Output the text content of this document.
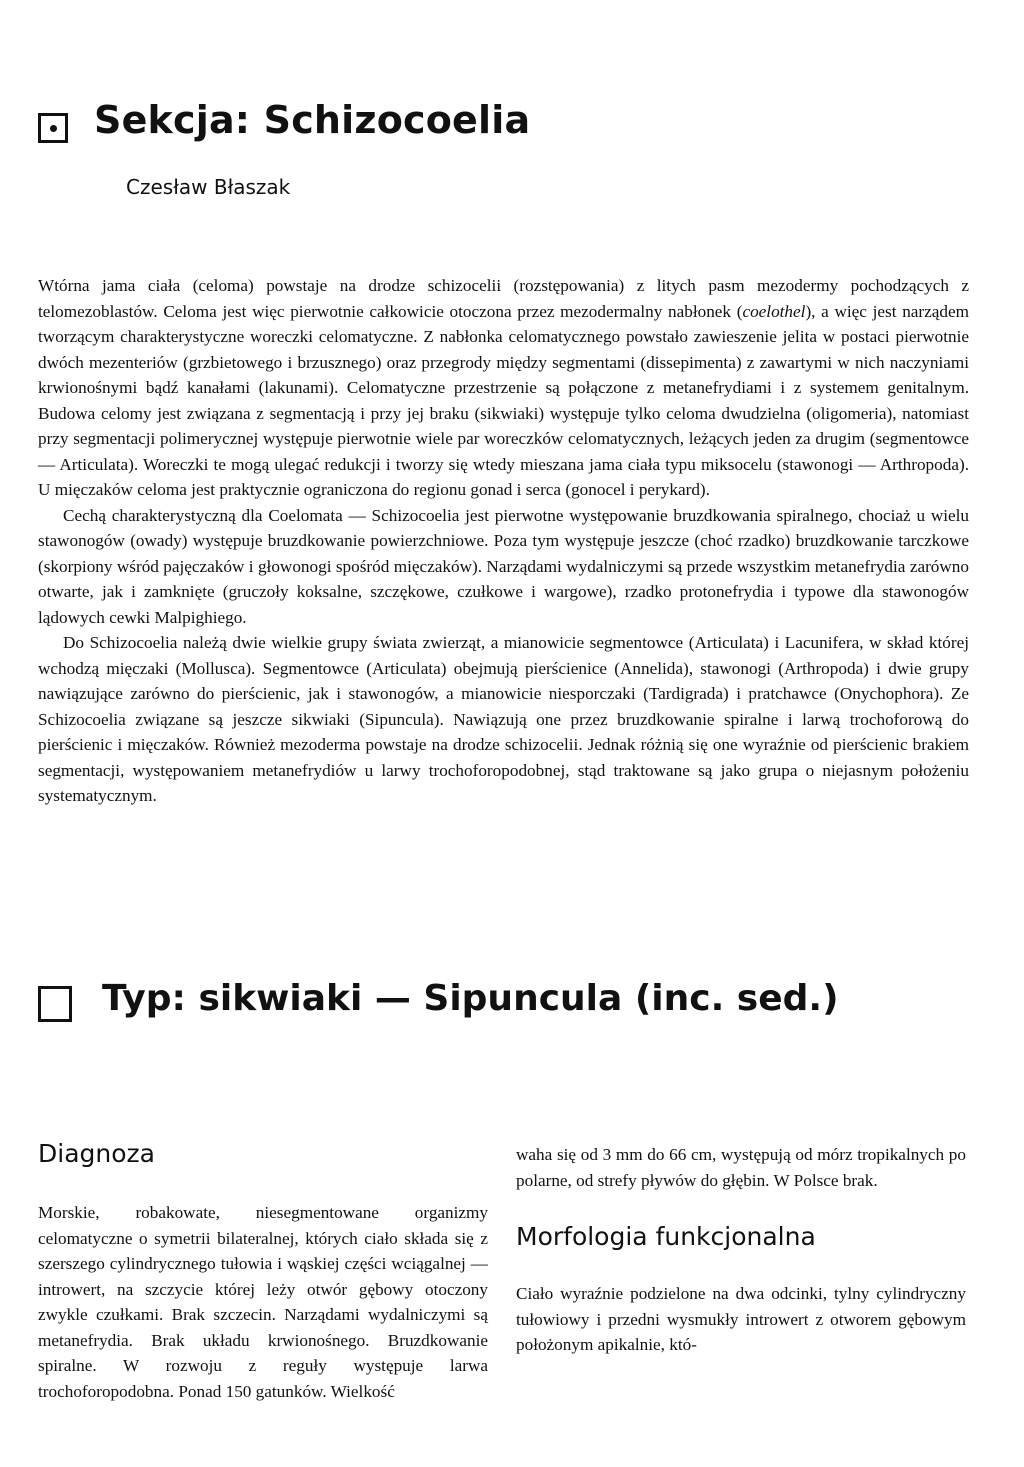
Sekcja: Schizocoelia
Czesław Błaszak

Wtórna jama ciała (celoma) powstaje na drodze schizocelii (rozstępowania) z litych pasm mezodermy pochodzących z telomezoblastów. Celoma jest więc pierwotnie całkowicie otoczona przez mezodermalny nabłonek (coelothel), a więc jest narządem tworzącym charakterystyczne woreczki celomatyczne. Z nabłonka celomatycznego powstało zawieszenie jelita w postaci pierwotnie dwóch mezenteriów (grzbietowego i brzusznego) oraz przegrody między segmentami (dissepimenta) z zawartymi w nich naczyniami krwionośnymi bądź kanałami (lakunami). Celomatyczne przestrzenie są połączone z metanefrydiami i z systemem genitalnym. Budowa celomy jest związana z segmentacją i przy jej braku (sikwiaki) występuje tylko celoma dwudzielna (oligomeria), natomiast przy segmentacji polimerycznej występuje pierwotnie wiele par woreczków celomatycznych, leżących jeden za drugim (segmentowce — Articulata). Woreczki te mogą ulegać redukcji i tworzy się wtedy mieszana jama ciała typu miksocelu (stawonogi — Arthropoda). U mięczaków celoma jest praktycznie ograniczona do regionu gonad i serca (gonocel i perykard).

Cechą charakterystyczną dla Coelomata — Schizocoelia jest pierwotne występowanie bruzdkowania spiralnego, chociaż u wielu stawonogów (owady) występuje bruzdkowanie powierzchniowe. Poza tym występuje jeszcze (choć rzadko) bruzdkowanie tarczkowe (skorpiony wśród pajęczaków i głowonogi spośród mięczaków). Narządami wydalniczymi są przede wszystkim metanefrydia zarówno otwarte, jak i zamknięte (gruczoły koksalne, szczękowe, czułkowe i wargowe), rzadko protonefrydia i typowe dla stawonogów lądowych cewki Malpighiego.

Do Schizocoelia należą dwie wielkie grupy świata zwierząt, a mianowicie segmentowce (Articulata) i Lacunifera, w skład której wchodzą mięczaki (Mollusca). Segmentowce (Articulata) obejmują pierścienice (Annelida), stawonogi (Arthropoda) i dwie grupy nawiązujące zarówno do pierścienic, jak i stawonogów, a mianowicie niesporczaki (Tardigrada) i pratchawce (Onychophora). Ze Schizocoelia związane są jeszcze sikwiaki (Sipuncula). Nawiązują one przez bruzdkowanie spiralne i larwą trochoforową do pierścienic i mięczaków. Również mezoderma powstaje na drodze schizocelii. Jednak różnią się one wyraźnie od pierścienic brakiem segmentacji, występowaniem metanefrydiów u larwy trochoforopodobnej, stąd traktowane są jako grupa o niejasnym położeniu systematycznym.

Typ: sikwiaki — Sipuncula (inc. sed.)
Diagnoza

Morskie, robakowate, niesegmentowane organizmy celomatyczne o symetrii bilateralnej, których ciało składa się z szerszego cylindrycznego tułowia i wąskiej części wciągalnej — introwert, na szczycie której leży otwór gębowy otoczony zwykle czułkami. Brak szczecin. Narządami wydalniczymi są metanefrydia. Brak układu krwionośnego. Bruzdkowanie spiralne. W rozwoju z reguły występuje larwa trochoforopodobna. Ponad 150 gatunków. Wielkość

waha się od 3 mm do 66 cm, występują od mórz tropikalnych po polarne, od strefy pływów do głębin. W Polsce brak.

Morfologia funkcjonalna

Ciało wyraźnie podzielone na dwa odcinki, tylny cylindryczny tułowiowy i przedni wysmukły introwert z otworem gębowym położonym apikalnie, któ-
